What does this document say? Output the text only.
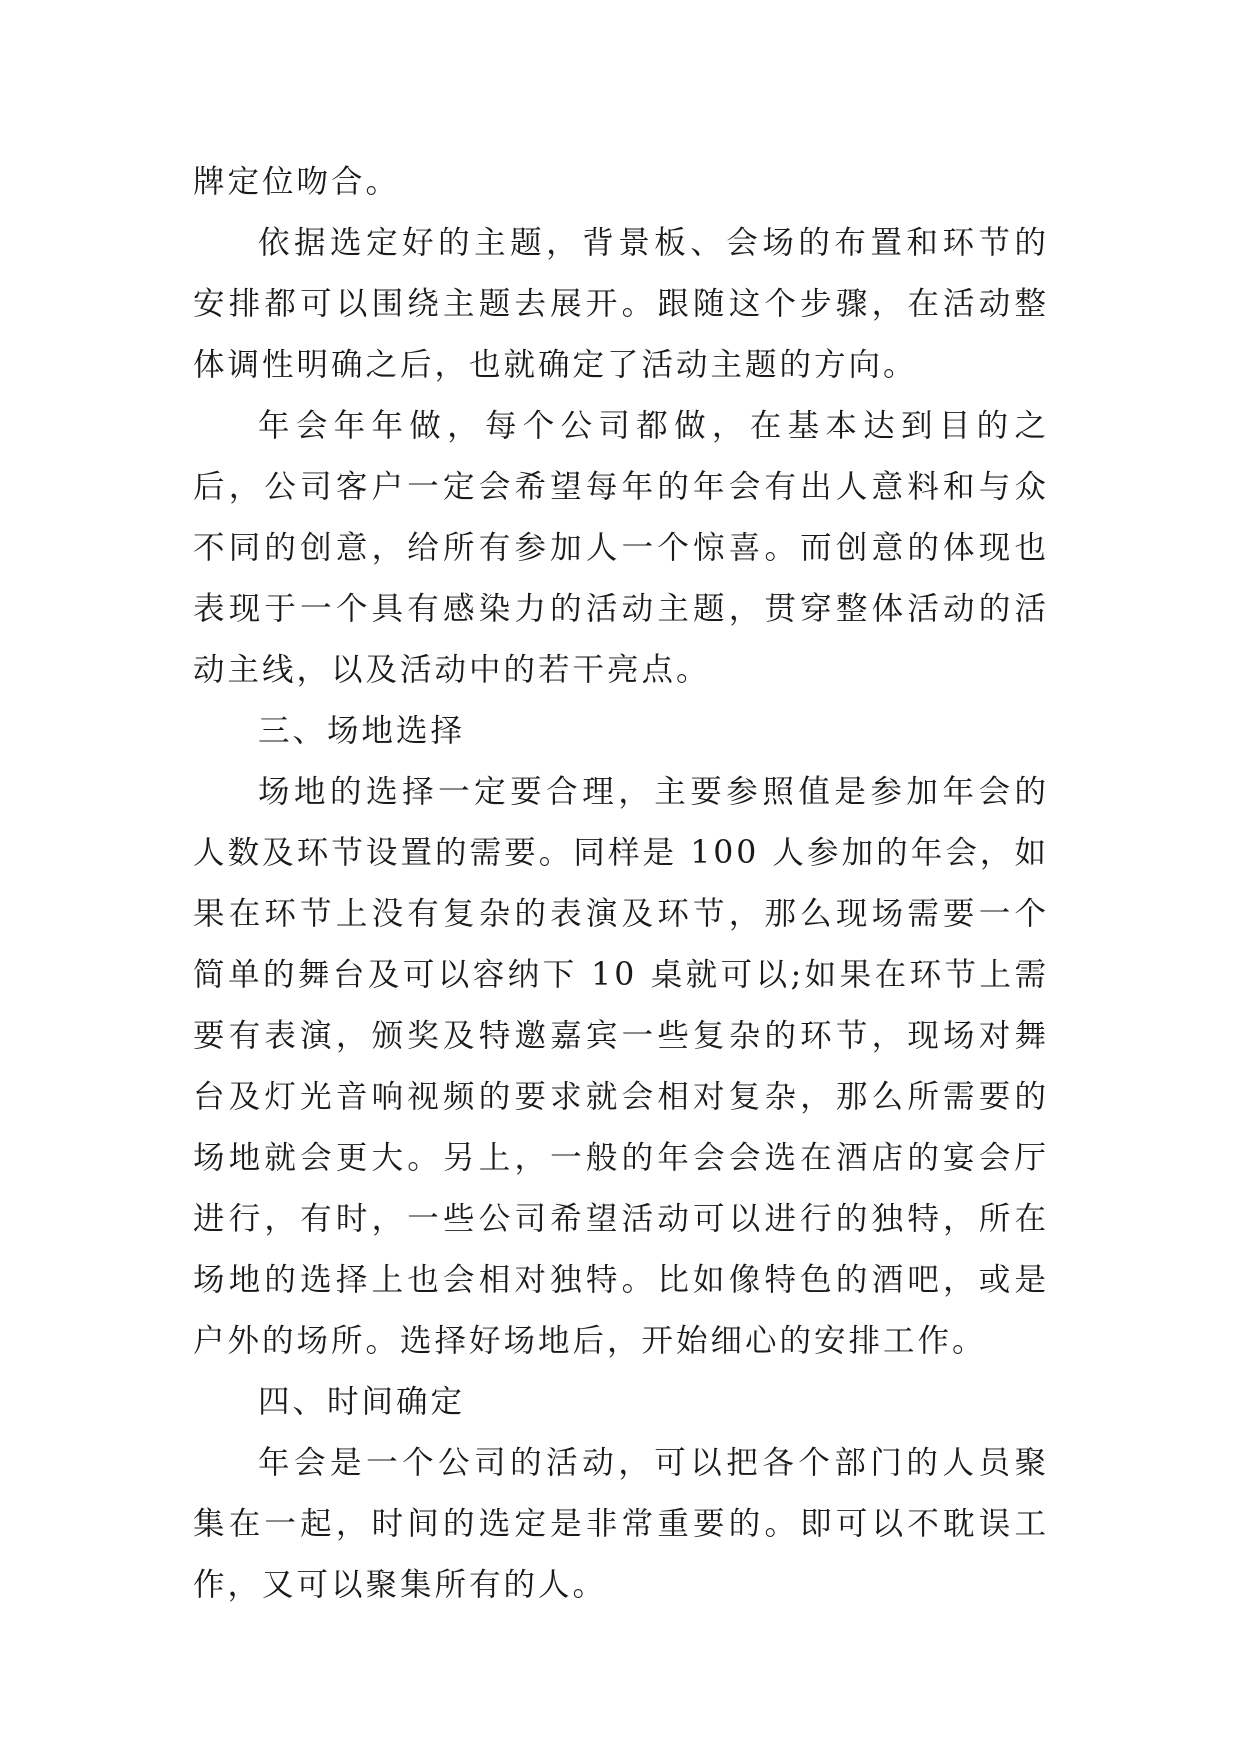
牌定位吻合。

依据选定好的主题，背景板、会场的布置和环节的安排都可以围绕主题去展开。跟随这个步骤，在活动整体调性明确之后，也就确定了活动主题的方向。

年会年年做，每个公司都做，在基本达到目的之后，公司客户一定会希望每年的年会有出人意料和与众不同的创意，给所有参加人一个惊喜。而创意的体现也表现于一个具有感染力的活动主题，贯穿整体活动的活动主线，以及活动中的若干亮点。

三、场地选择

场地的选择一定要合理，主要参照值是参加年会的人数及环节设置的需要。同样是 100 人参加的年会，如果在环节上没有复杂的表演及环节，那么现场需要一个简单的舞台及可以容纳下 10 桌就可以;如果在环节上需要有表演，颁奖及特邀嘉宾一些复杂的环节，现场对舞台及灯光音响视频的要求就会相对复杂，那么所需要的场地就会更大。另上，一般的年会会选在酒店的宴会厅进行，有时，一些公司希望活动可以进行的独特，所在场地的选择上也会相对独特。比如像特色的酒吧，或是户外的场所。选择好场地后，开始细心的安排工作。

四、时间确定

年会是一个公司的活动，可以把各个部门的人员聚集在一起，时间的选定是非常重要的。即可以不耽误工作，又可以聚集所有的人。
